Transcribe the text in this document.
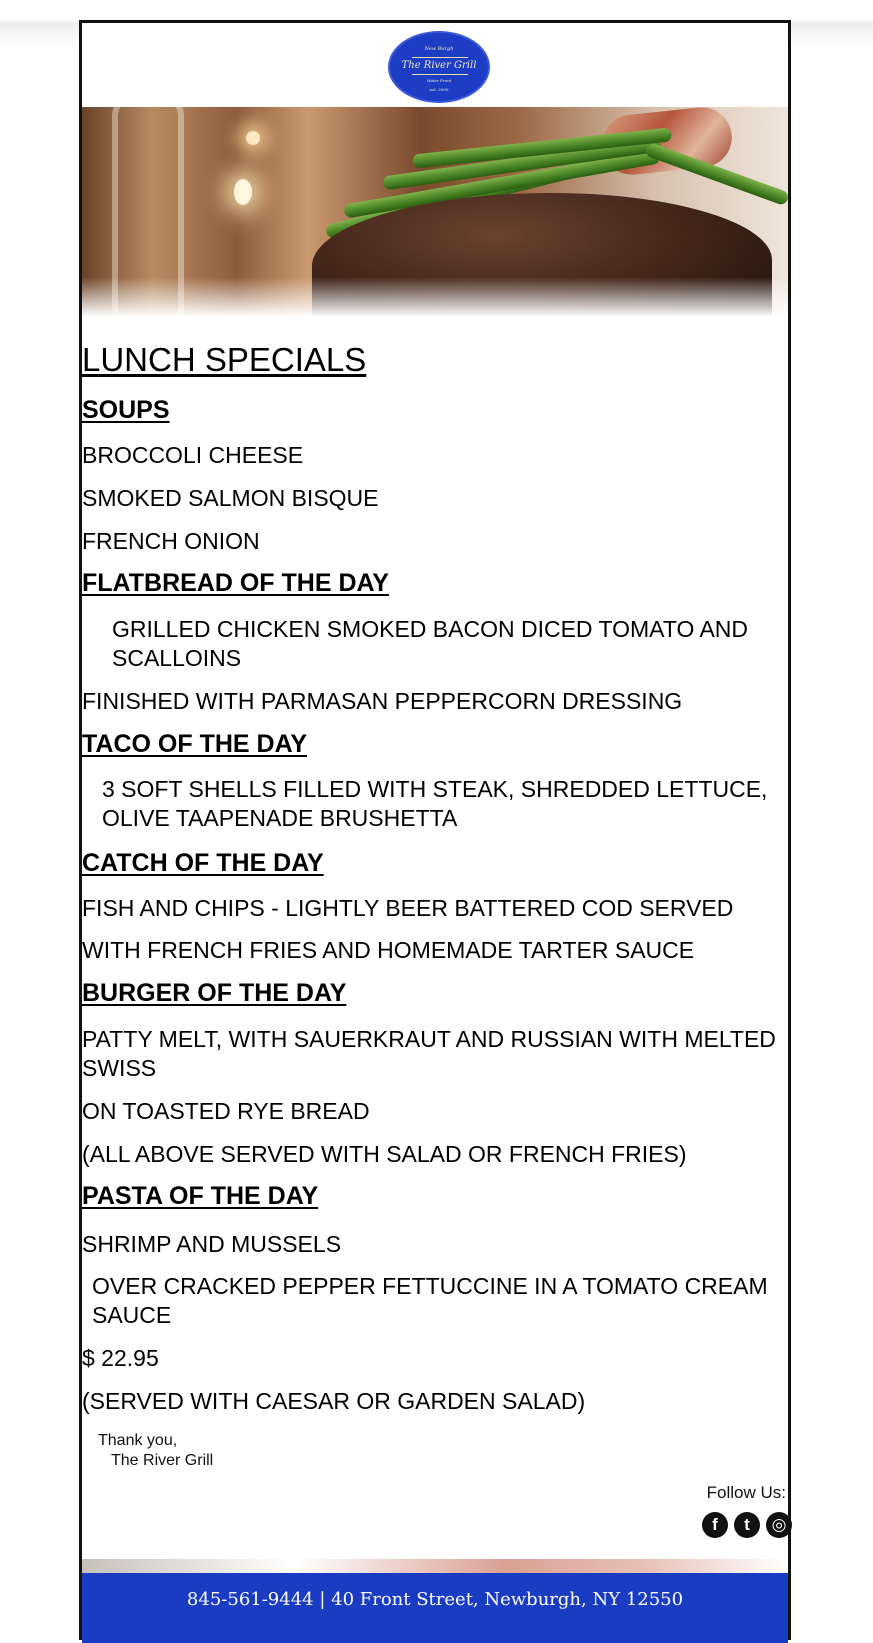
New Burgh
The River Grill
Water Front
est. 2000
LUNCH SPECIALS
SOUPS
BROCCOLI CHEESE
SMOKED SALMON BISQUE
FRENCH ONION
FLATBREAD OF THE DAY
GRILLED CHICKEN SMOKED BACON DICED TOMATO AND SCALLOINS
FINISHED WITH PARMASAN PEPPERCORN DRESSING
TACO OF THE DAY
3 SOFT SHELLS FILLED WITH STEAK, SHREDDED LETTUCE, OLIVE TAAPENADE BRUSHETTA
CATCH OF THE DAY
FISH AND CHIPS - LIGHTLY BEER BATTERED COD SERVED
WITH FRENCH FRIES AND HOMEMADE TARTER SAUCE
BURGER OF THE DAY
PATTY MELT, WITH SAUERKRAUT AND RUSSIAN WITH MELTED SWISS
ON TOASTED RYE BREAD
(ALL ABOVE SERVED WITH SALAD OR FRENCH FRIES)
PASTA OF THE DAY
SHRIMP AND MUSSELS
OVER CRACKED PEPPER FETTUCCINE IN A TOMATO CREAM SAUCE
$ 22.95
(SERVED WITH CAESAR OR GARDEN SALAD)
Thank you,
The River Grill
Follow Us:
f	t	◎
845-561-9444 | 40 Front Street, Newburgh, NY 12550
